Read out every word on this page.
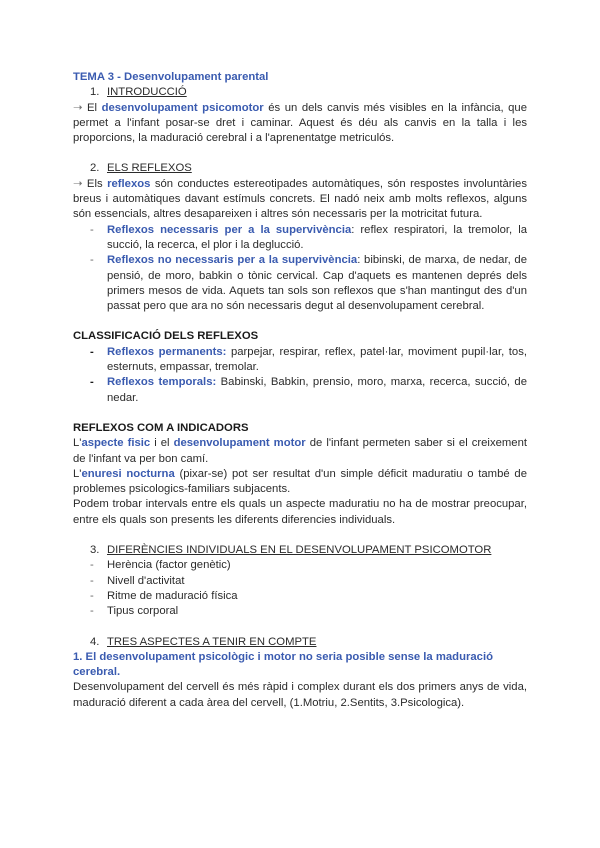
TEMA 3 - Desenvolupament parental

1. INTRODUCCIÓ

➝ El desenvolupament psicomotor és un dels canvis més visibles en la infància, que permet a l'infant posar-se dret i caminar. Aquest és déu als canvis en la talla i les proporcions, la maduració cerebral i a l'aprenentatge metriculós.

2. ELS REFLEXOS

➝ Els reflexos són conductes estereotipades automàtiques, són respostes involuntàries breus i automàtiques davant estímuls concrets. El nadó neix amb molts reflexos, alguns són essencials, altres desapareixen i altres són necessaris per la motricitat futura.

-	Reflexos necessaris per a la supervivència: reflex respiratori, la tremolor, la succió, la recerca, el plor i la deglucció.
-	Reflexos no necessaris per a la supervivència: bibinski, de marxa, de nedar, de pensió, de moro, babkin o tònic cervical. Cap d'aquets es mantenen deprés dels primers mesos de vida. Aquets tan sols son reflexos que s'han mantingut des d'un passat pero que ara no són necessaris degut al desenvolupament cerebral.

CLASSIFICACIÓ DELS REFLEXOS

-	Reflexos permanents: parpejar, respirar, reflex, patel·lar, moviment pupil·lar, tos, esternuts, empassar, tremolar.
-	Reflexos temporals: Babinski, Babkin, prensio, moro, marxa, recerca, succió, de nedar.

REFLEXOS COM A INDICADORS

L'aspecte fisic i el desenvolupament motor de l'infant permeten saber si el creixement de l'infant va per bon camí.

L'enuresi nocturna (pixar-se) pot ser resultat d'un simple déficit maduratiu o també de problemes psicologics-familiars subjacents.

Podem trobar intervals entre els quals un aspecte maduratiu no ha de mostrar preocupar, entre els quals son presents les diferents diferencies individuals.

3. DIFERÈNCIES INDIVIDUALS EN EL DESENVOLUPAMENT PSICOMOTOR
-	Herència (factor genètic)
-	Nivell d'activitat
-	Ritme de maduració física
-	Tipus corporal
4. TRES ASPECTES A TENIR EN COMPTE

1. El desenvolupament psicològic i motor no seria posible sense la maduració cerebral.

Desenvolupament del cervell és més ràpid i complex durant els dos primers anys de vida, maduració diferent a cada àrea del cervell, (1.Motriu, 2.Sentits, 3.Psicologica).
